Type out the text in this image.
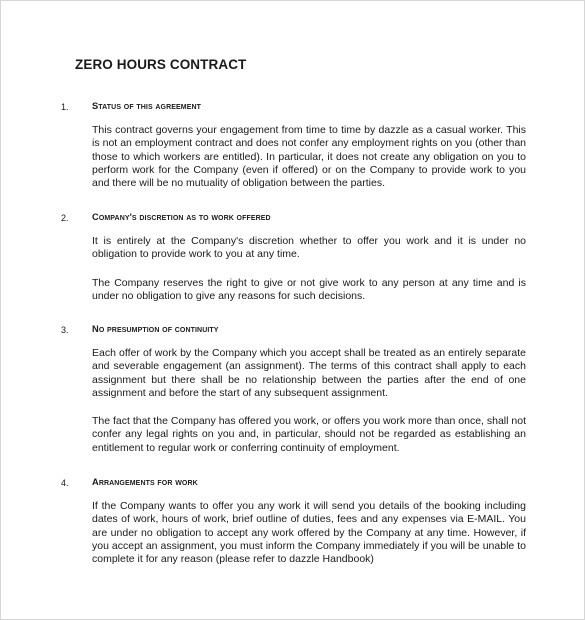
ZERO HOURS CONTRACT
1.	Status of this agreement
This contract governs your engagement from time to time by dazzle as a casual worker. This is not an employment contract and does not confer any employment rights on you (other than those to which workers are entitled). In particular, it does not create any obligation on you to perform work for the Company (even if offered) or on the Company to provide work to you and there will be no mutuality of obligation between the parties.
2.	Company's discretion as to work offered
It is entirely at the Company's discretion whether to offer you work and it is under no obligation to provide work to you at any time.
The Company reserves the right to give or not give work to any person at any time and is under no obligation to give any reasons for such decisions.
3.	No presumption of continuity
Each offer of work by the Company which you accept shall be treated as an entirely separate and severable engagement (an assignment). The terms of this contract shall apply to each assignment but there shall be no relationship between the parties after the end of one assignment and before the start of any subsequent assignment.
The fact that the Company has offered you work, or offers you work more than once, shall not confer any legal rights on you and, in particular, should not be regarded as establishing an entitlement to regular work or conferring continuity of employment.
4.	Arrangements for work
If the Company wants to offer you any work it will send you details of the booking including dates of work, hours of work, brief outline of duties, fees and any expenses via E-MAIL. You are under no obligation to accept any work offered by the Company at any time. However, if you accept an assignment, you must inform the Company immediately if you will be unable to complete it for any reason (please refer to dazzle Handbook)
